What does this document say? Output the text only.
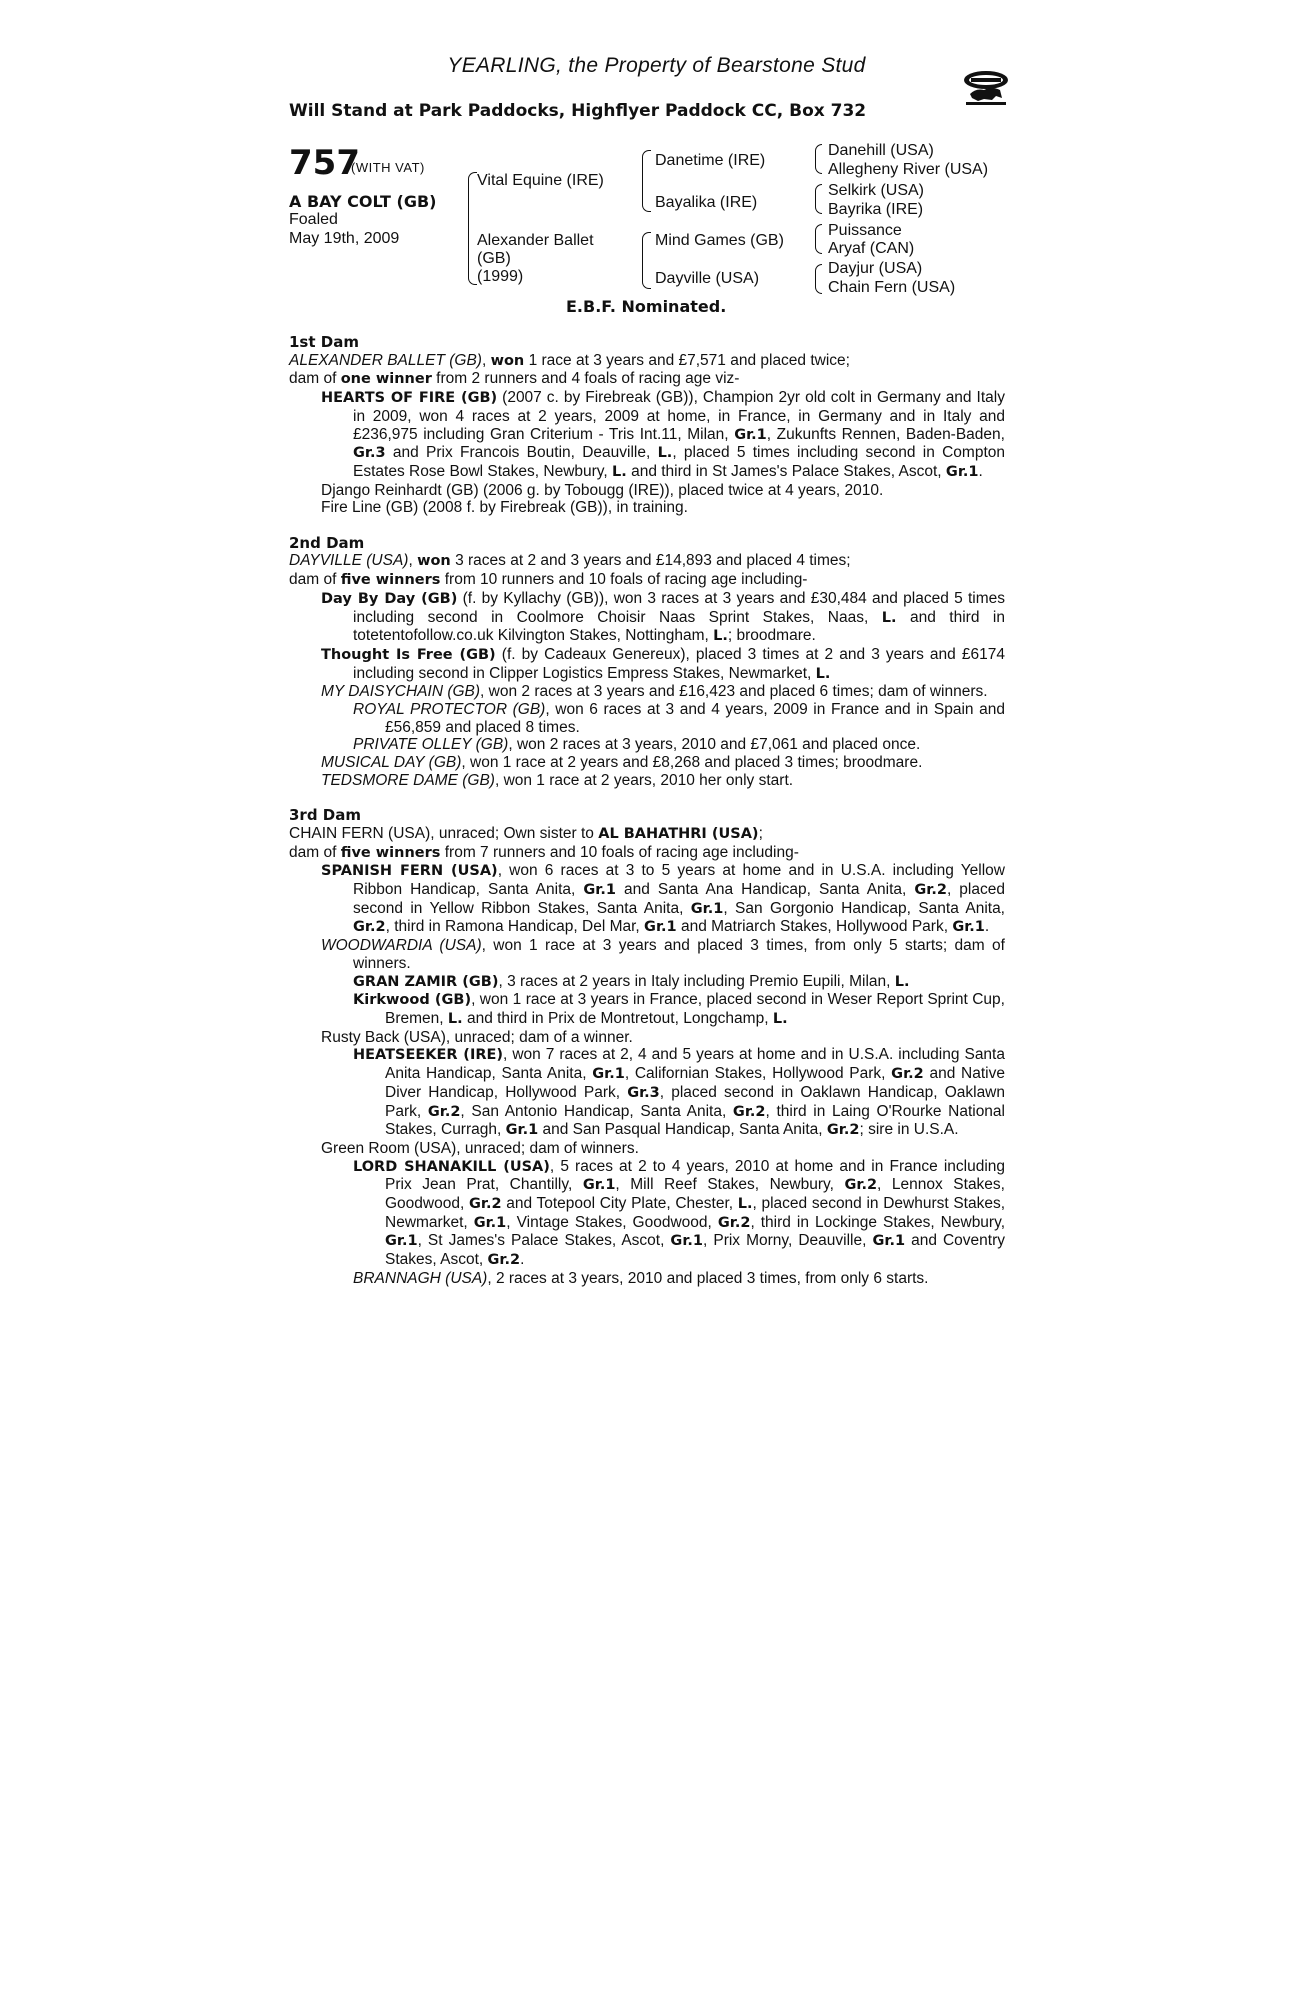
YEARLING, the Property of Bearstone Stud
Will Stand at Park Paddocks, Highflyer Paddock CC, Box 732
757
(WITH VAT)
A BAY COLT (GB)
Foaled
May 19th, 2009
Vital Equine (IRE)
Alexander Ballet
(GB)
(1999)
Danetime (IRE)
Bayalika (IRE)
Mind Games (GB)
Dayville (USA)
Danehill (USA)
Allegheny River (USA)
Selkirk (USA)
Bayrika (IRE)
Puissance
Aryaf (CAN)
Dayjur (USA)
Chain Fern (USA)
E.B.F. Nominated.

1st Dam

ALEXANDER BALLET (GB), won 1 race at 3 years and £7,571 and placed twice;

dam of one winner from 2 runners and 4 foals of racing age viz-

HEARTS OF FIRE (GB) (2007 c. by Firebreak (GB)), Champion 2yr old colt in Germany and Italy in 2009, won 4 races at 2 years, 2009 at home, in France, in Germany and in Italy and £236,975 including Gran Criterium - Tris Int.11, Milan, Gr.1, Zukunfts Rennen, Baden-Baden, Gr.3 and Prix Francois Boutin, Deauville, L., placed 5 times including second in Compton Estates Rose Bowl Stakes, Newbury, L. and third in St James's Palace Stakes, Ascot, Gr.1.

Django Reinhardt (GB) (2006 g. by Tobougg (IRE)), placed twice at 4 years, 2010.

Fire Line (GB) (2008 f. by Firebreak (GB)), in training.

2nd Dam

DAYVILLE (USA), won 3 races at 2 and 3 years and £14,893 and placed 4 times;

dam of five winners from 10 runners and 10 foals of racing age including-

Day By Day (GB) (f. by Kyllachy (GB)), won 3 races at 3 years and £30,484 and placed 5 times including second in Coolmore Choisir Naas Sprint Stakes, Naas, L. and third in totetentofollow.co.uk Kilvington Stakes, Nottingham, L.; broodmare.

Thought Is Free (GB) (f. by Cadeaux Genereux), placed 3 times at 2 and 3 years and £6174 including second in Clipper Logistics Empress Stakes, Newmarket, L.

MY DAISYCHAIN (GB), won 2 races at 3 years and £16,423 and placed 6 times; dam of winners.

ROYAL PROTECTOR (GB), won 6 races at 3 and 4 years, 2009 in France and in Spain and £56,859 and placed 8 times.

PRIVATE OLLEY (GB), won 2 races at 3 years, 2010 and £7,061 and placed once.

MUSICAL DAY (GB), won 1 race at 2 years and £8,268 and placed 3 times; broodmare.

TEDSMORE DAME (GB), won 1 race at 2 years, 2010 her only start.

3rd Dam

CHAIN FERN (USA), unraced; Own sister to AL BAHATHRI (USA);

dam of five winners from 7 runners and 10 foals of racing age including-

SPANISH FERN (USA), won 6 races at 3 to 5 years at home and in U.S.A. including Yellow Ribbon Handicap, Santa Anita, Gr.1 and Santa Ana Handicap, Santa Anita, Gr.2, placed second in Yellow Ribbon Stakes, Santa Anita, Gr.1, San Gorgonio Handicap, Santa Anita, Gr.2, third in Ramona Handicap, Del Mar, Gr.1 and Matriarch Stakes, Hollywood Park, Gr.1.

WOODWARDIA (USA), won 1 race at 3 years and placed 3 times, from only 5 starts; dam of winners.

GRAN ZAMIR (GB), 3 races at 2 years in Italy including Premio Eupili, Milan, L.

Kirkwood (GB), won 1 race at 3 years in France, placed second in Weser Report Sprint Cup, Bremen, L. and third in Prix de Montretout, Longchamp, L.

Rusty Back (USA), unraced; dam of a winner.

HEATSEEKER (IRE), won 7 races at 2, 4 and 5 years at home and in U.S.A. including Santa Anita Handicap, Santa Anita, Gr.1, Californian Stakes, Hollywood Park, Gr.2 and Native Diver Handicap, Hollywood Park, Gr.3, placed second in Oaklawn Handicap, Oaklawn Park, Gr.2, San Antonio Handicap, Santa Anita, Gr.2, third in Laing O'Rourke National Stakes, Curragh, Gr.1 and San Pasqual Handicap, Santa Anita, Gr.2; sire in U.S.A.

Green Room (USA), unraced; dam of winners.

LORD SHANAKILL (USA), 5 races at 2 to 4 years, 2010 at home and in France including Prix Jean Prat, Chantilly, Gr.1, Mill Reef Stakes, Newbury, Gr.2, Lennox Stakes, Goodwood, Gr.2 and Totepool City Plate, Chester, L., placed second in Dewhurst Stakes, Newmarket, Gr.1, Vintage Stakes, Goodwood, Gr.2, third in Lockinge Stakes, Newbury, Gr.1, St James's Palace Stakes, Ascot, Gr.1, Prix Morny, Deauville, Gr.1 and Coventry Stakes, Ascot, Gr.2.

BRANNAGH (USA), 2 races at 3 years, 2010 and placed 3 times, from only 6 starts.
